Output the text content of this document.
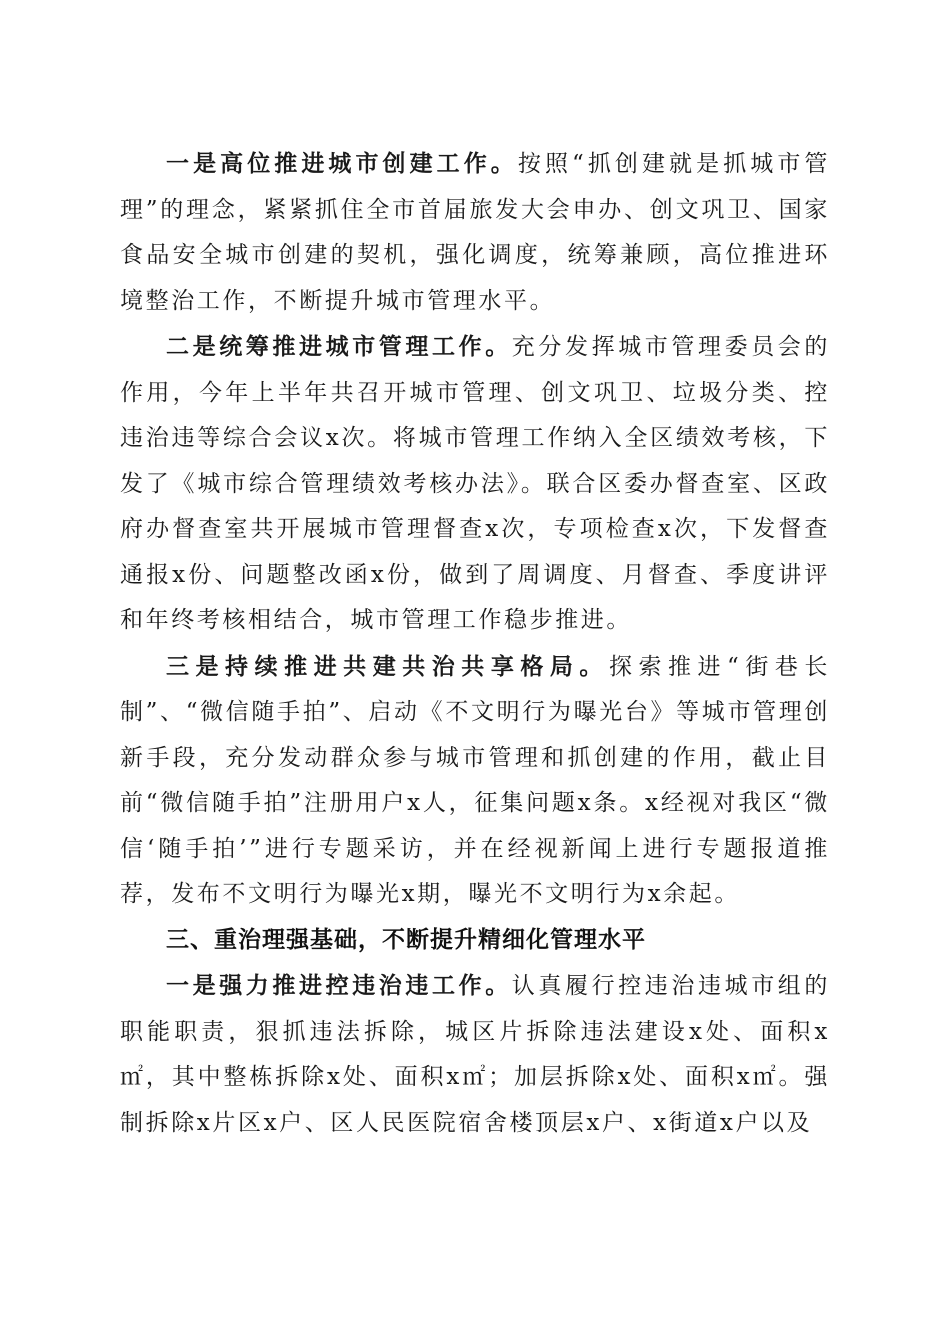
一是高位推进城市创建工作。按照“抓创建就是抓城市管理”的理念，紧紧抓住全市首届旅发大会申办、创文巩卫、国家食品安全城市创建的契机，强化调度，统筹兼顾，高位推进环境整治工作，不断提升城市管理水平。

二是统筹推进城市管理工作。充分发挥城市管理委员会的作用，今年上半年共召开城市管理、创文巩卫、垃圾分类、控违治违等综合会议x次。将城市管理工作纳入全区绩效考核，下发了《城市综合管理绩效考核办法》。联合区委办督查室、区政府办督查室共开展城市管理督查x次，专项检查x次，下发督查通报x份、问题整改函x份，做到了周调度、月督查、季度讲评和年终考核相结合，城市管理工作稳步推进。

三是持续推进共建共治共享格局。探索推进“街巷长制”、“微信随手拍”、启动《不文明行为曝光台》等城市管理创新手段，充分发动群众参与城市管理和抓创建的作用，截止目前“微信随手拍”注册用户x人，征集问题x条。x经视对我区“微信‘随手拍’”进行专题采访，并在经视新闻上进行专题报道推荐，发布不文明行为曝光x期，曝光不文明行为x余起。

三、重治理强基础，不断提升精细化管理水平

一是强力推进控违治违工作。认真履行控违治违城市组的职能职责，狠抓违法拆除，城区片拆除违法建设x处、面积x㎡，其中整栋拆除x处、面积x㎡；加层拆除x处、面积x㎡。强制拆除x片区x户、区人民医院宿舍楼顶层x户、x街道x户以及
